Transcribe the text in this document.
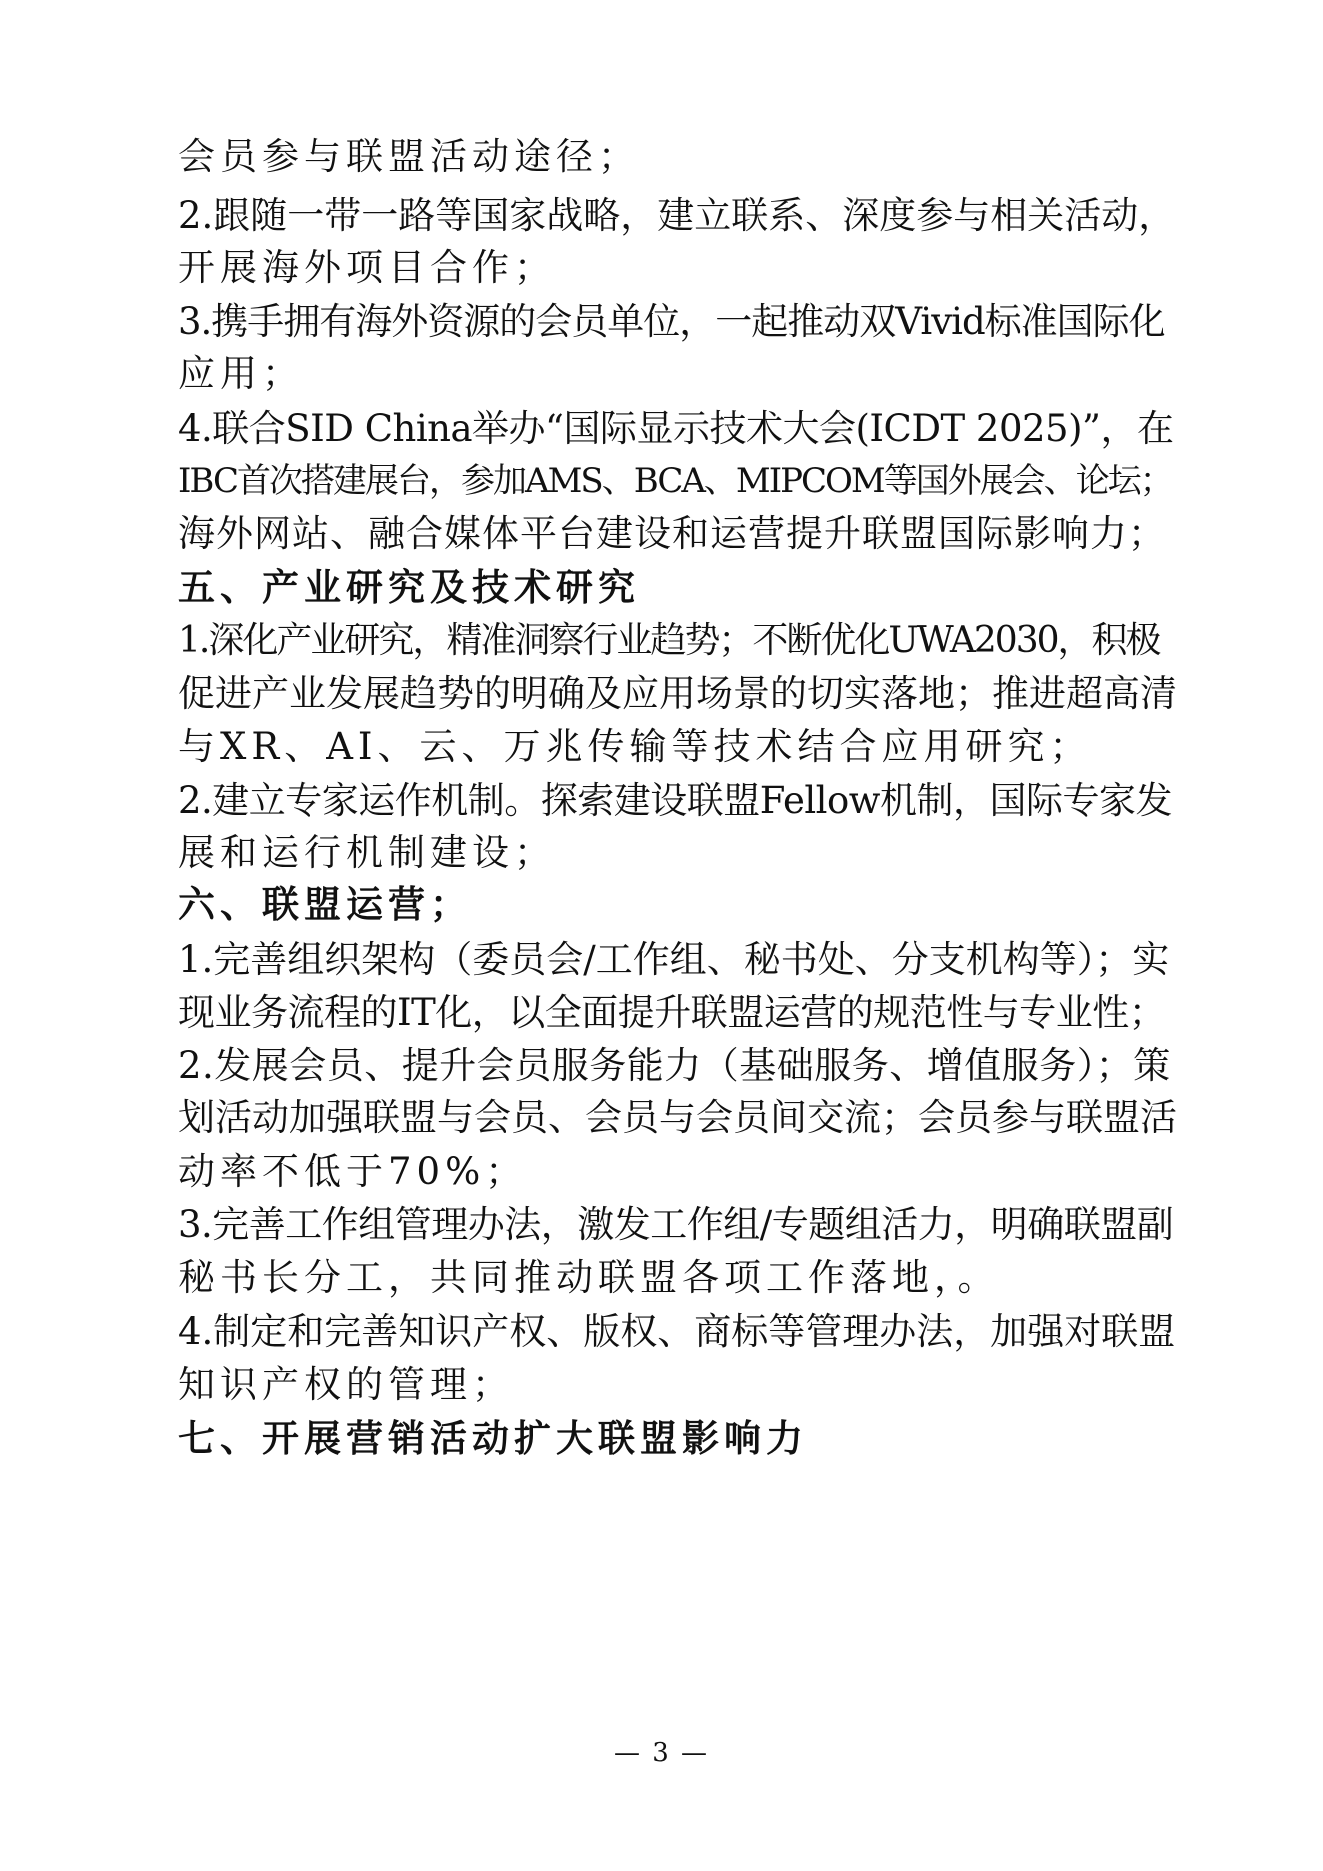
会员参与联盟活动途径；
2.跟随一带一路等国家战略，建立联系、深度参与相关活动，
开展海外项目合作；
3.携手拥有海外资源的会员单位，一起推动双Vivid标准国际化
应用；
4.联合SID China举办“国际显示技术大会(ICDT 2025)”，在
IBC首次搭建展台，参加AMS、BCA、MIPCOM等国外展会、论坛；
海外网站、融合媒体平台建设和运营提升联盟国际影响力；
五、产业研究及技术研究
1.深化产业研究，精准洞察行业趋势；不断优化UWA2030，积极
促进产业发展趋势的明确及应用场景的切实落地；推进超高清
与XR、AI、云、万兆传输等技术结合应用研究；
2.建立专家运作机制。探索建设联盟Fellow机制，国际专家发
展和运行机制建设；
六、联盟运营；
1.完善组织架构（委员会/工作组、秘书处、分支机构等）；实
现业务流程的IT化，以全面提升联盟运营的规范性与专业性；
2.发展会员、提升会员服务能力（基础服务、增值服务）；策
划活动加强联盟与会员、会员与会员间交流；会员参与联盟活
动率不低于70%；
3.完善工作组管理办法，激发工作组/专题组活力，明确联盟副
秘书长分工，共同推动联盟各项工作落地，。
4.制定和完善知识产权、版权、商标等管理办法，加强对联盟
知识产权的管理；
七、开展营销活动扩大联盟影响力
— 3 —
